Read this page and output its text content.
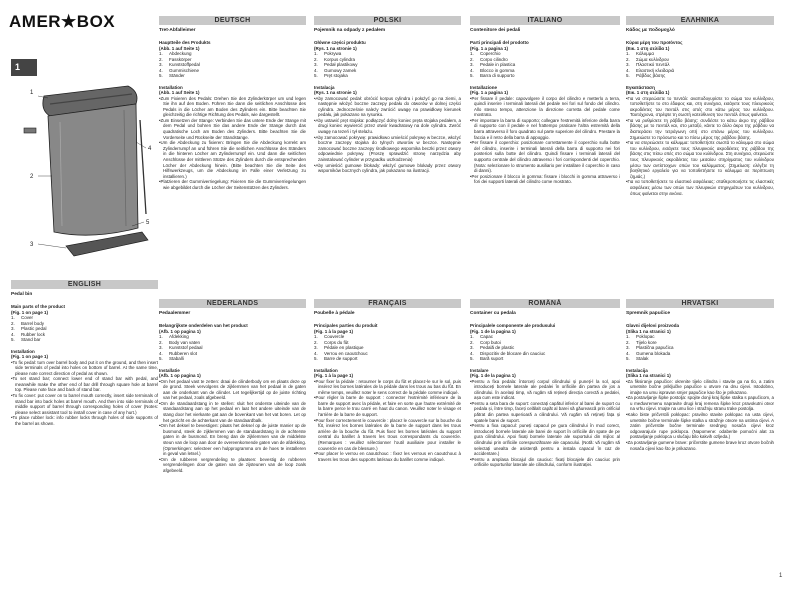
AMER★BOX
1
1
2
3
4
5
1
DEUTSCH
Tret-Abfalleimer
Hauptteile des Produkts
(Abb. 1 auf Seite 1)
1.	Abdeckung
2.	Fasskörper
3.	Kunststoffpedal
4.	Gummischiene
5.	Ständer
Installation
(Abb. 1 auf Seite 1)
• Zum Fixieren des Pedals: Drehen Sie den Zylinderkörper um und legen Sie ihn auf den Boden. Führen Sie dann die seitlichen Anschlüsse des Pedals in die Löcher am Boden des Zylinders ein. Bitte beachten Sie gleichzeitig die richtige Richtung des Pedals, wie dargestellt.
• Zum Einsetzen der Stange: Verbinden Sie das untere Ende der Stange mit dem Pedal und bohren Sie das andere Ende der Stange durch das quadratische Loch am Boden des Zylinders. Bitte beachten Sie die Vorderseite und Rückseite der Standstange.
• Um die Abdeckung zu fixieren: Bringen Sie die Abdeckung korrekt am Zylinderrumpf an und führen Sie die seitlichen Anschlüsse des Ständers in die hinteren Löcher am Zylinderrumpf ein. Und dann die seitlichen Anschlüsse der mittleren Stütze des Zylinders durch die entsprechenden Löcher der Abdeckung hinein. (Bitte beachten Sie die Seite des Hilfswerkzeugs, um die Abdeckung im Falle einer Verletzung zu installieren.)
• Platzieren der Gummiverriegelung: Fixieren Sie die Gummiverriegelungen wie abgebildet durch die Löcher der Seitenstützen des Zylinders.
POLSKI
Pojemnik na odpady z pedałem
Główne części produktu
(Rys. 1 na stronie 1)
1.	Pokrywa
2.	Korpus cylindra
3.	Pedał plastikowy
4.	Gumowy zamek
5.	Pręt stojaka
Instalacja
(Rys. 1 na stronie 1)
• Aby zamocować pedał: obrócić korpus cylindra i położyć go na ziemi, a następnie włożyć boczne zaczepy pedału do otworów w dolnej części cylindra. Jednocześnie należy zwrócić uwagę na prawidłowy kierunek pedału, jak pokazano na rysunku.
• Aby ustawić pręt stojaka: podłączyć dolny koniec pręta stojaka pedałem, a drugi koniec wywiercić przez otwór kwadratowy na dole cylindra. Zwróć uwagę na tezeń i tył stelażu.
• Aby zamocować pokrywę: prawidłowo umieścić pokrywę w beczce, włożyć boczne zaczepy stojaka do tylnych otworów w beczce. Następnie zamocować boczne zaczepy środkowego wspornika beczki przez otwory odpowiednie pokrywy. (Proszę sprawdzić stronę narzędzia aby zainstalować cylinder w przypadku uszkodzenia)
• Aby umieścić gumowe blokady: włożyć gumowe blokady przez otwory wsporników bocznych cylindra, jak pokazano na ilustracji.
ITALIANO
Contenitore dei pedali
Parti principali del prodotto
(Fig. 1 a pagina 1)
1.	Coperchio
2.	Corpo cilindro
3.	Pedale in plastica
4.	Blocco in gomma
5.	Barra di supporto
Installazione
(Fig. 1 a pagina 1)
• Per fissare il pedale: capovolgere il corpo del cilindro e metterlo a terra, quindi inserire i terminali laterali del pedale nei fori sul fondo del cilindro. Allo stesso tempo, attenzione la direzione corretta del pedale come mostrato.
• Per impostare la barra di supporto; collegare l'estremità inferiore della barra di supporto con il pedale e nel frattempo praticare l'altra estremità della barra attraverso il foro quadrato sul parte superiore del cilindro. Prestare la faccia e il retro della barra di appoggio.
• Per fissare il coperchio: posizionare correttamente il coperchio sulla botte del cilindro, inserire i terminali laterali della barra di supporto nei fori posteriori sulla botte del cilindro. Quindi fissare i terminali laterali del supporto centrale del cilindro attraverso i fori corrispondenti del coperchio. (Nota: selezionare lo strumento ausiliario per installare il coperchio in caso di danni).
• Per posizionare il blocco in gomma: fissare i blocchi in gomma attraverso i fori dei supporti laterali del cilindro come mostrato.
ΕΛΛΗΝΙΚΑ
Κάδος με ποδομοχλό
Κύρια μέρη του προϊόντος
(Εικ. 1 στη σελίδα 1)
1.	Κάλυμμα
2.	Σώμα κυλίνδρου
3.	Πλαστικό πεντάλ
4.	Ελαστική κλειδαριά
5.	Ράβδος βάσης
Εγκατάσταση
(Εικ. 1 στη σελίδα 1)
• Για να στερεώσετε το πεντάλ: αναποδογυρίστε το σώμα του κυλίνδρου, τοποθετήστε το στο έδαφος και, στη συνέχεια, εισάγετε τους πλευρικούς ακροδέκτες του πεντάλ στις οπές στο κάτω μέρος του κυλίνδρου. Ταυτόχρονα, στρέψτε τη σωστή κατεύθυνση του πεντάλ όπως φαίνεται.
• Για να ρυθμίσετε τη ράβδο βάσης: συνδέστε το κάτω άκρο της ράβδου βάσης με το πεντάλ και, στο μεταξύ, κάντε το άλλο άκρο της ράβδου να διαπεράσει την τετράγωνη οπή στο επάνω μέρος του κυλίνδρου. Σημειώστε το πρόσωπο και το πίσω μέρος της ράβδου βάσης.
• Για να στερεώσετε το κάλυμμα: τοποθετήστε σωστά το κάλυμμα στο σώμα του κυλίνδρου, εισάγετε τους πλευρικούς ακροδέκτες της ράβδου της βάσης στις πίσω οπές στο σώμα του κυλίνδρου. Στη συνέχεια, στερεώστε τους πλευρικούς ακροδέκτες του μεσαίου στηρίγματος του κυλίνδρου μέσω των αντίστοιχων οπών του καλύμματος. (Σημείωση: ελέγξτε τη βοηθητικό εργαλείο για να τοποθετήσετε το κάλυμμα σε περίπτωση ζημιάς.)
• Για να τοποθετήσετε το ελαστικό ασφάλειας: σταθεροποιήστε τις ελαστικές ασφάλειες μέσω των οπών των πλευρικών στηριγμάτων του κυλίνδρου, όπως φαίνεται στην εικόνα.
ENGLISH
Pedal bin
Main parts of the product
(Fig. 1 on page 1)
1.	Cover
2.	Barrel body
3.	Plastic pedal
4.	Rubber lock
5.	Stand bar
Installation
(Fig. 1 on page 1)
• To fix pedal: turn over barrel body and put it on the ground, and then insert side terminals of pedal into holes on bottom of barrel. At the same time, please note correct direction of pedal as shown.
• To set stand bar; connect lower end of stand bar with pedal, and meanwhile make the other end of bar drill through square hole at barrel top. Please note face and back of stand bar.
• To fix cover: put cover on to barrel mouth correctly, insert side terminals of stand bar into back holes at barrel mouth. And then into side terminals of middle support of barrel through corresponding holes of cover (Notes: please select assistant tool to install cover in case of any hurt.)
• To place rubber lock: info rubber locks through holes of side supports of the barrel as shown.
NEDERLANDS
Pedaalemmer
Belangrijkste onderdelen van het product
(Afb. 1 op pagina 1)
1.	Afdekking
2.	Body van vaten
3.	Kunststof pedaal
4.	Rubberen slot
5.	Staballi
Installatie
(Afb. 1 op pagina 1)
• Om het pedaal vast te zetten: draai de cilinderbody om en plaats deze op de grond. Steek vervolgens de zijklemmen van het pedaal in de gaten aan de onderkant van de cilinder. Let tegelijkertijd op de juiste richting van het pedaal, zoals afgebeeld.
• Om de standaardstang in te stellen: sluit het onderste uiteinde van de standaardstang aan op het pedaal en laat het andere uiteinde van de stang door het vierkante gat aan de bovenkant van het vat boren. Let op het gezicht en de achterkant van de standaardbalk.
• Om het deksel te bevestigen: plaats het deksel op de juiste manier op de busmond, steek de zijklemmen van de standaardstang in de achterste gaten in de busmond. En breng dan de zijklemmen van de middelste steun van de loop aan door de overeenkomende gaten van de afdekking. (Opmerkingen: selecteer een hulpprogramma om de hoes te installeren in geval van letsel.)
• Om de rubberen vergrendeling te plaatsen: bevestig de rubberen vergrendelingen door de gaten van de zijsteunen van de loop zoals afgebeeld.
FRANÇAIS
Poubelle à pédale
Principales parties du produit
(Fig. 1 à la page 1)
1.	Couvercle
2.	Corps du fût
3.	Pédale en plastique
4.	Verrou en caoutchouc
5.	Barre de support
Installation
(Fig. 1 à la page 1)
• Pour fixer la pédale : retourner le corps du fût et placez-le sur le sol, puis insérez les bornes latérales de la pédale dans les trous au bas du fût. En même temps, veuillez noter le sens correct de la pédale comme indiqué.
• Pour régler la barre de support : connecter l'extrémité inférieure de la barre de support avec la pédale, et faire en sorte que l'autre extrémité de la barre perce le trou carré en haut du canon. Veuillez noter le visage et l'arrière de la barre de support.
• Pour fixer correctement le couvercle : placez le couvercle sur la bouche du fût, insérez les bornes latérales de la barre de support dans les trous arrière de la bouche du fût. Puis fixez les bornes latérales du support central du barillet à travers les trous correspondants du couvercle. (Remarques : veuillez sélectionner l'outil auxiliaire pour installer le couvercle en cas de blessure.)
• Pour placer le verrou en caoutchouc : fixez les verrous en caoutchouc à travers les trous des supports latéraux du barillet comme indiqué.
ROMÂNĂ
Container cu pedala
Principalele componente ale produsului
(Fig. 1 de la pagina 1)
1.	Capac
2.	Corp butoi
3.	Pedală de plastic
4.	Dispozitiv de blocare din cauciuc
5.	Bară suport
Instalare
(Fig. 1 de la pagina 1)
• Pentru a fixa pedala: întorceți corpul cilindrului și puneți-l la sol, apoi introduceți bornele laterale ale pedalei în orificiile din partea de jos a cilindrului. În același timp, vă rugăm să rețineți direcția corectă a pedalei, așa cum este indicat.
• Pentru a seta bara de suport: conectați capătul inferior al barei de suport cu pedala și, între timp, faceți celălalt capăt al barei să găurească prin orificiul pătrat din partea superioară a cilindrului. Vă rugăm să rețineți fața și spatele barei de suport.
• Pentru a fixa capacul: puneți capacul pe gura cilindrului în mod corect, introduceți bornele laterale ale barei de suport în orificiile din spate de pe gura cilindrului. Apoi fixați bornele laterale ale suportului din mijloc al cilindrului prin orificiile corespunzătoare ale capacului. (Notă: vă rugăm să selectați unealta de asistență pentru a instala capacul în caz de accidentare.)
• Pentru a amplasa blocajul din cauciuc: fixați blocajele din cauciuc prin orificiile suporturilor laterale ale cilindrului, conform ilustrației.
HRVATSKI
Spremnik papučice
Glavni dijelovi proizvoda
(Slika 1 na stranici 1)
1.	Poklopac
2.	Tijelo kore
3.	Plastična papučica
4.	Gumena blokada
5.	Stalak
Instalacija
(Slika 1 na stranici 1)
• Za fiksiranje papučice: okrenite tijelo cilindra i stavite ga na tlo, a zatim umetnite bočne priključke papučice u otvore na dnu cijevi. Istodobno, imajte na umu ispravan smjer papučice kao što je prikazano.
• Za postavljanje šipke postolja: spojite donji kraj šipke stalka s papučicom, a u međuvremenu napravite drugi kraj remena šipke kroz pravokutni otvor na vrhu cijevi. Imajte na umu lice i stražnju stranu trake postolja.
• Kako biste pričvrstili poklopac: pravilno stavite poklopac na usta cijevi, umetnite bočne terminale šipke stalka u stražnje otvore na ustima cijevi. A zatim pričvrstite bočne terminale srednjeg nosača cijevi kroz odgovarajuće rupe poklopca. (Napomene: odaberite pomoćni alat za postavljanje poklopca u slučaju bilo kakvih ozljeda.)
• Za postavljanje gumene brave: pričvrstite gumene brave kroz otvore bočnih nosača cijevi kao što je prikazano.
